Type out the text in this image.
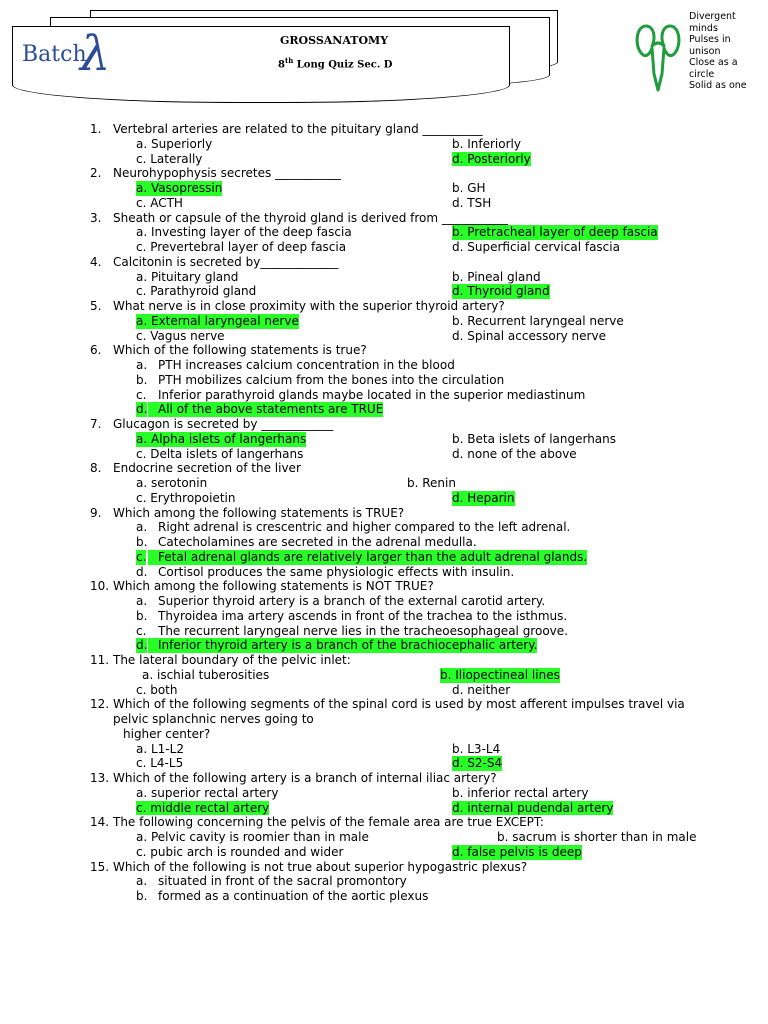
Batch
λ	GROSSANATOMY
8th Long Quiz Sec. D
Divergent
minds
Pulses in
unison
Close as a
circle
Solid as one
1. Vertebral arteries are related to the pituitary gland __________
a. Superiorly	b. Inferiorly
c. Laterally	d. Posteriorly
2. Neurohypophysis secretes ___________
a. Vasopressin	b. GH
c. ACTH	d. TSH
3. Sheath or capsule of the thyroid gland is derived from ___________
a. Investing layer of the deep fascia	b. Pretracheal layer of deep fascia
c. Prevertebral layer of deep fascia	d. Superficial cervical fascia
4. Calcitonin is secreted by_____________
a. Pituitary gland	b. Pineal gland
c. Parathyroid gland	d. Thyroid gland
5. What nerve is in close proximity with the superior thyroid artery?
a. External laryngeal nerve	b. Recurrent laryngeal nerve
c. Vagus nerve	d. Spinal accessory nerve
6. Which of the following statements is true?
a. PTH increases calcium concentration in the blood
b. PTH mobilizes calcium from the bones into the circulation
c. Inferior parathyroid glands maybe located in the superior mediastinum
d. All of the above statements are TRUE

7. Glucagon is secreted by ____________
a. Alpha islets of langerhans	b. Beta islets of langerhans
c. Delta islets of langerhans	d. none of the above
8. Endocrine secretion of the liver
a. serotonin	b. Renin
c. Erythropoietin	d. Heparin
9. Which among the following statements is TRUE?
a. Right adrenal is crescentric and higher compared to the left adrenal.
b. Catecholamines are secreted in the adrenal medulla.
c. Fetal adrenal glands are relatively larger than the adult adrenal glands.

d. Cortisol produces the same physiologic effects with insulin.
10. Which among the following statements is NOT TRUE?
a. Superior thyroid artery is a branch of the external carotid artery.
b. Thyroidea ima artery ascends in front of the trachea to the isthmus.
c. The recurrent laryngeal nerve lies in the tracheoesophageal groove.
d. Inferior thyroid artery is a branch of the brachiocephalic artery.

11. The lateral boundary of the pelvic inlet:
a. ischial tuberosities	b. Iliopectineal lines
c. both	d. neither
12. Which of the following segments of the spinal cord is used by most afferent impulses travel via
pelvic splanchnic nerves going to
higher center?
a. L1-L2	b. L3-L4
c. L4-L5	d. S2-S4
13. Which of the following artery is a branch of internal iliac artery?
a. superior rectal artery	b. inferior rectal artery
c. middle rectal artery	d. internal pudendal artery
14. The following concerning the pelvis of the female area are true EXCEPT:
a. Pelvic cavity is roomier than in male	b. sacrum is shorter than in male
c. pubic arch is rounded and wider	d. false pelvis is deep
15. Which of the following is not true about superior hypogastric plexus?
a. situated in front of the sacral promontory
b. formed as a continuation of the aortic plexus
